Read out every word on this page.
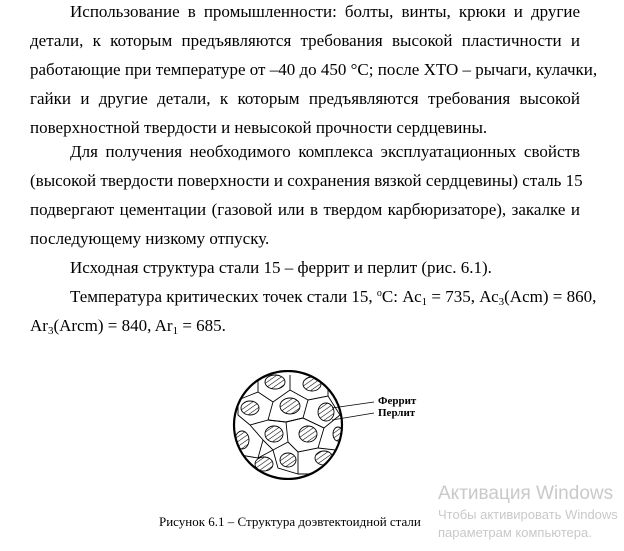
Использование в промышленности: болты, винты, крюки и другие
детали, к которым предъявляются требования высокой пластичности и
работающие при температуре от –40 до 450 °С; после ХТО – рычаги, кулачки,
гайки и другие детали, к которым предъявляются требования высокой
поверхностной твердости и невысокой прочности сердцевины.

Для получения необходимого комплекса эксплуатационных свойств
(высокой твердости поверхности и сохранения вязкой сердцевины) сталь 15
подвергают цементации (газовой или в твердом карбюризаторе), закалке и
последующему низкому отпуску.

Исходная структура стали 15 – феррит и перлит (рис. 6.1).

Температура критических точек стали 15, $^о$С: $Ас_1 = 735$, $Ас_3(Acm) = 860$,
$Ar_3(Arcm) = 840$, $Ar_1 = 685$.

Феррит
Перлит
Рисунок 6.1 – Структура доэвтектоидной стали
Активация Windows
Чтобы активировать Windows
параметрам компьютера.
